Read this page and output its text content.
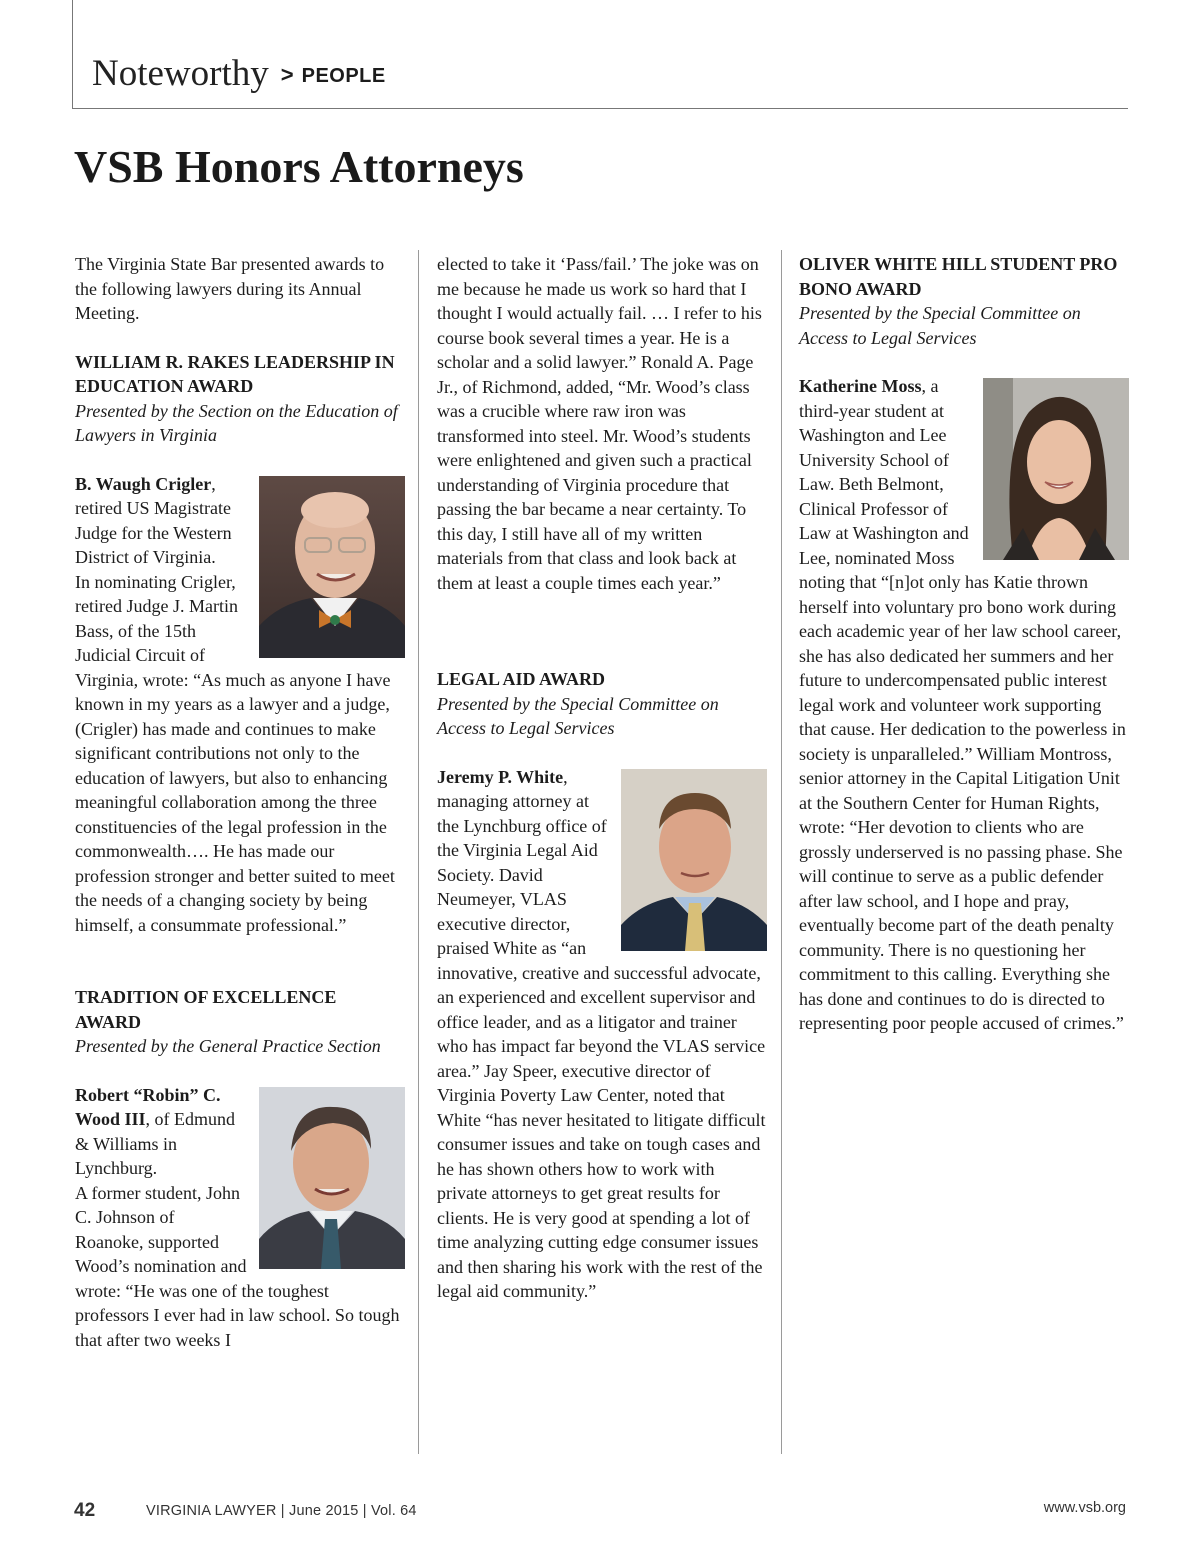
Noteworthy > PEOPLE
VSB Honors Attorneys

The Virginia State Bar presented awards to the following lawyers during its Annual Meeting.

WILLIAM R. RAKES LEADERSHIP IN EDUCATION AWARD

Presented by the Section on the Education of Lawyers in Virginia

B. Waugh Crigler, retired US Magistrate Judge for the Western District of Virginia.

In nominating Crigler, retired Judge J. Martin Bass, of the 15th Judicial Circuit of Virginia, wrote: “As much as anyone I have known in my years as a lawyer and a judge, (Crigler) has made and continues to make significant contributions not only to the education of lawyers, but also to enhancing meaningful collaboration among the three constituencies of the legal profession in the commonwealth…. He has made our profession stronger and better suited to meet the needs of a changing society by being himself, a consummate professional.”

TRADITION OF EXCELLENCE AWARD

Presented by the General Practice Section

Robert “Robin” C. Wood III, of Edmund & Williams in Lynchburg.

A former student, John C. Johnson of Roanoke, supported Wood’s nomination and wrote: “He was one of the toughest professors I ever had in law school. So tough that after two weeks I

elected to take it ‘Pass/fail.’ The joke was on me because he made us work so hard that I thought I would actually fail. … I refer to his course book several times a year. He is a scholar and a solid lawyer.” Ronald A. Page Jr., of Richmond, added, “Mr. Wood’s class was a crucible where raw iron was transformed into steel. Mr. Wood’s students were enlightened and given such a practical understanding of Virginia procedure that passing the bar became a near certainty. To this day, I still have all of my written materials from that class and look back at them at least a couple times each year.”

LEGAL AID AWARD

Presented by the Special Committee on Access to Legal Services

Jeremy P. White, managing attorney at the Lynchburg office of the Virginia Legal Aid Society. David Neumeyer, VLAS executive director, praised White as “an innovative, creative and successful advocate, an experienced and excellent supervisor and office leader, and as a litigator and trainer who has impact far beyond the VLAS service area.” Jay Speer, executive director of Virginia Poverty Law Center, noted that White “has never hesitated to litigate difficult consumer issues and take on tough cases and he has shown others how to work with private attorneys to get great results for clients. He is very good at spending a lot of time analyzing cutting edge consumer issues and then sharing his work with the rest of the legal aid community.”

OLIVER WHITE HILL STUDENT PRO BONO AWARD

Presented by the Special Committee on Access to Legal Services

Katherine Moss, a third-year student at Washington and Lee University School of Law. Beth Belmont, Clinical Professor of Law at Washington and Lee, nominated Moss noting that “[n]ot only has Katie thrown herself into voluntary pro bono work during each academic year of her law school career, she has also dedicated her summers and her future to undercompensated public interest legal work and volunteer work supporting that cause. Her dedication to the powerless in society is unparalleled.” William Montross, senior attorney in the Capital Litigation Unit at the Southern Center for Human Rights, wrote: “Her devotion to clients who are grossly underserved is no passing phase. She will continue to serve as a public defender after law school, and I hope and pray, eventually become part of the death penalty community. There is no questioning her commitment to this calling. Everything she has done and continues to do is directed to representing poor people accused of crimes.”

42	VIRGINIA LAWYER | June 2015 | Vol. 64	www.vsb.org
